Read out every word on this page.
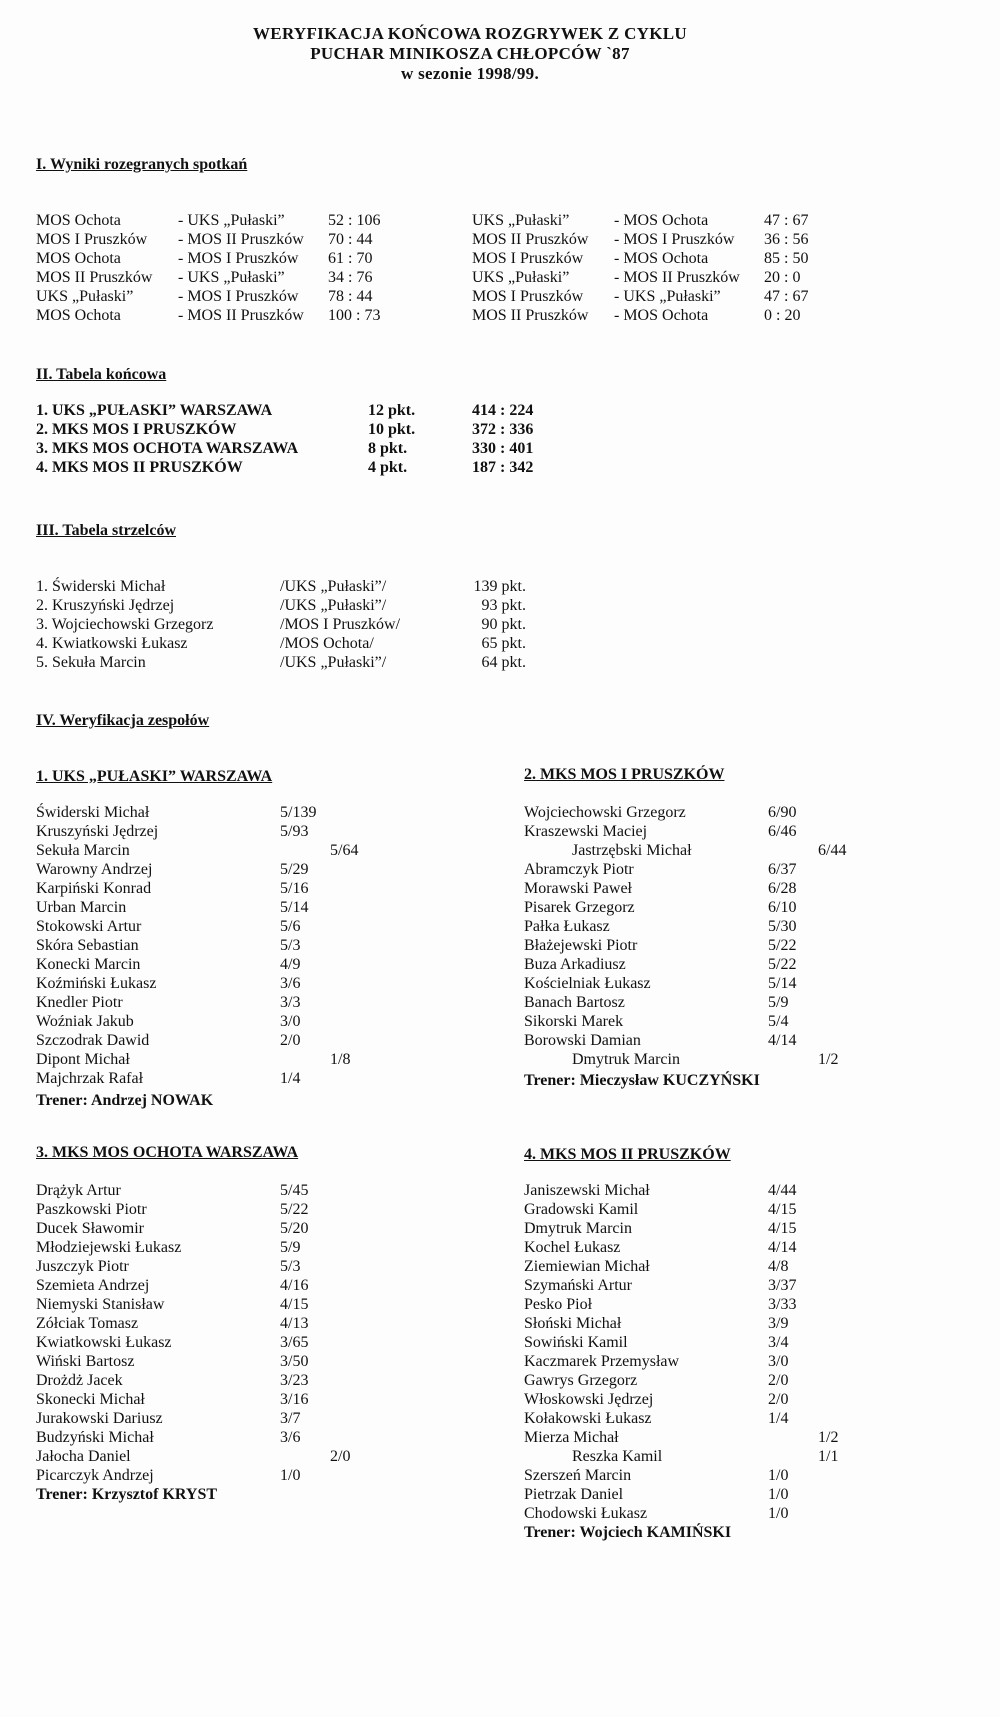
WERYFIKACJA KOŃCOWA ROZGRYWEK Z CYKLU
PUCHAR MINIKOSZA CHŁOPCÓW `87
w sezonie 1998/99.
I. Wyniki rozegranych spotkań
MOS Ochota	- UKS „Pułaski”	52 : 106
MOS I Pruszków - MOS II Pruszków 70 : 44
MOS Ochota	- MOS I Pruszków 61 : 70
MOS II Pruszków - UKS „Pułaski”	34 : 76
UKS „Pułaski”	- MOS I Pruszków 78 : 44
MOS Ochota	- MOS II Pruszków 100 : 73
UKS „Pułaski”	- MOS Ochota	47 : 67
MOS II Pruszków - MOS I Pruszków 36 : 56
MOS I Pruszków - MOS Ochota	85 : 50
UKS „Pułaski”	- MOS II Pruszków 20 : 0
MOS I Pruszków - UKS „Pułaski”	47 : 67
MOS II Pruszków - MOS Ochota	0 : 20
II. Tabela końcowa
1. UKS „PUŁASKI” WARSZAWA	12 pkt.	414 : 224
2. MKS MOS I PRUSZKÓW	10 pkt.	372 : 336
3. MKS MOS OCHOTA WARSZAWA	8 pkt.	330 : 401
4. MKS MOS II PRUSZKÓW	4 pkt.	187 : 342
III. Tabela strzelców
1. Świderski Michał	/UKS „Pułaski”/	139 pkt.
2. Kruszyński Jędrzej	/UKS „Pułaski”/	93 pkt.
3. Wojciechowski Grzegorz	/MOS I Pruszków/	90 pkt.
4. Kwiatkowski Łukasz	/MOS Ochota/	65 pkt.
5. Sekuła Marcin	/UKS „Pułaski”/	64 pkt.
IV. Weryfikacja zespołów
1. UKS „PUŁASKI” WARSZAWA
Świderski Michał	5/139
Kruszyński Jędrzej	5/93
Sekuła Marcin	5/64
Warowny Andrzej	5/29
Karpiński Konrad	5/16
Urban Marcin	5/14
Stokowski Artur	5/6
Skóra Sebastian	5/3
Konecki Marcin	4/9
Koźmiński Łukasz	3/6
Knedler Piotr	3/3
Woźniak Jakub	3/0
Szczodrak Dawid	2/0
Dipont Michał	1/8
Majchrzak Rafał	1/4
Trener: Andrzej NOWAK
2. MKS MOS I PRUSZKÓW
Wojciechowski Grzegorz	6/90
Kraszewski Maciej	6/46
Jastrzębski Michał	6/44
Abramczyk Piotr	6/37
Morawski Paweł	6/28
Pisarek Grzegorz	6/10
Pałka Łukasz	5/30
Błażejewski Piotr	5/22
Buza Arkadiusz	5/22
Kościelniak Łukasz	5/14
Banach Bartosz	5/9
Sikorski Marek	5/4
Borowski Damian	4/14
Dmytruk Marcin	1/2
Trener: Mieczysław KUCZYŃSKI
3. MKS MOS OCHOTA WARSZAWA
Drążyk Artur	5/45
Paszkowski Piotr	5/22
Ducek Sławomir	5/20
Młodziejewski Łukasz	5/9
Juszczyk Piotr	5/3
Szemieta Andrzej	4/16
Niemyski Stanisław	4/15
Zółciak Tomasz	4/13
Kwiatkowski Łukasz	3/65
Wiński Bartosz	3/50
Drożdż Jacek	3/23
Skonecki Michał	3/16
Jurakowski Dariusz	3/7
Budzyński Michał	3/6
Jałocha Daniel	2/0
Picarczyk Andrzej	1/0
Trener: Krzysztof KRYST
4. MKS MOS II PRUSZKÓW
Janiszewski Michał	4/44
Gradowski Kamil	4/15
Dmytruk Marcin	4/15
Kochel Łukasz	4/14
Ziemiewian Michał	4/8
Szymański Artur	3/37
Pesko Pioł	3/33
Słoński Michał	3/9
Sowiński Kamil	3/4
Kaczmarek Przemysław	3/0
Gawrys Grzegorz	2/0
Włoskowski Jędrzej	2/0
Kołakowski Łukasz	1/4
Mierza Michał	1/2
Reszka Kamil	1/1
Szerszeń Marcin	1/0
Pietrzak Daniel	1/0
Chodowski Łukasz	1/0
Trener: Wojciech KAMIŃSKI
